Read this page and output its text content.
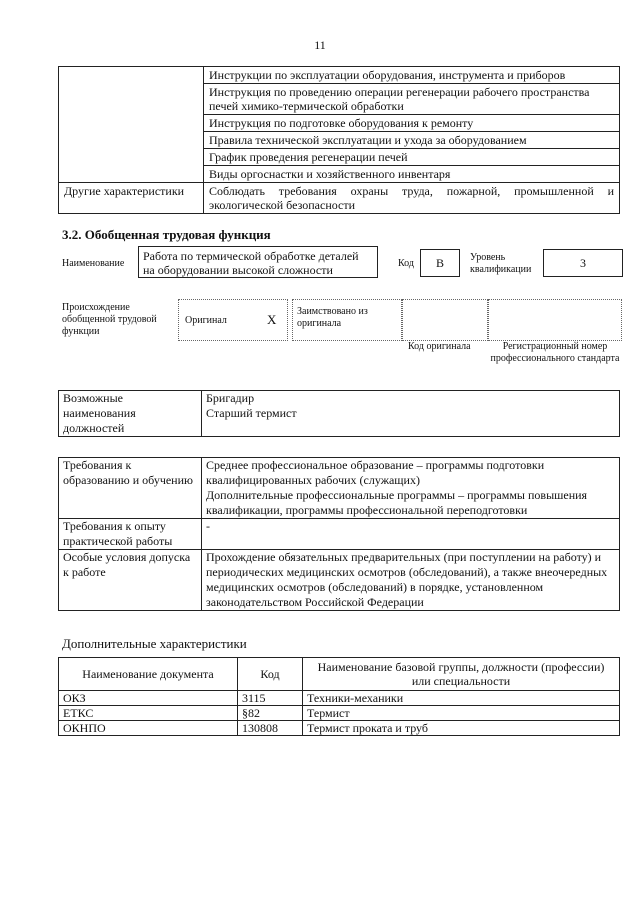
11
	Инструкции по эксплуатации оборудования, инструмента и приборов
	Инструкция по проведению операции регенерации рабочего пространства печей химико-термической обработки
	Инструкция по подготовке оборудования к ремонту
	Правила технической эксплуатации и ухода за оборудованием
	График проведения регенерации печей
	Виды оргоснастки и хозяйственного инвентаря
Другие характеристики	Соблюдать требования охраны труда, пожарной, промышленной и экологической безопасности
3.2. Обобщенная трудовая функция
Наименование
Работа по термической обработке деталей на оборудовании высокой сложности	Код	B	Уровень квалификации	3
Происхождение обобщенной трудовой функции
Оригинал	X
Заимствовано из оригинала
Код оригинала	Регистрационный номер профессионального стандарта
Возможные наименования должностей	
Бригадир
Старший термист
Требования к образованию и обучению	Среднее профессиональное образование – программы подготовки квалифицированных рабочих (служащих)
Дополнительные профессиональные программы – программы повышения квалификации, программы профессиональной переподготовки

Требования к опыту практической работы	-
Особые условия допуска к работе	Прохождение обязательных предварительных (при поступлении на работу) и периодических медицинских осмотров (обследований), а также внеочередных медицинских осмотров (обследований) в порядке, установленном законодательством Российской Федерации
Дополнительные характеристики
Наименование документа	Код	Наименование базовой группы, должности (профессии) или специальности
ОКЗ	3115	Техники-механики
ЕТКС	§82	Термист
ОКНПО	130808	Термист проката и труб
